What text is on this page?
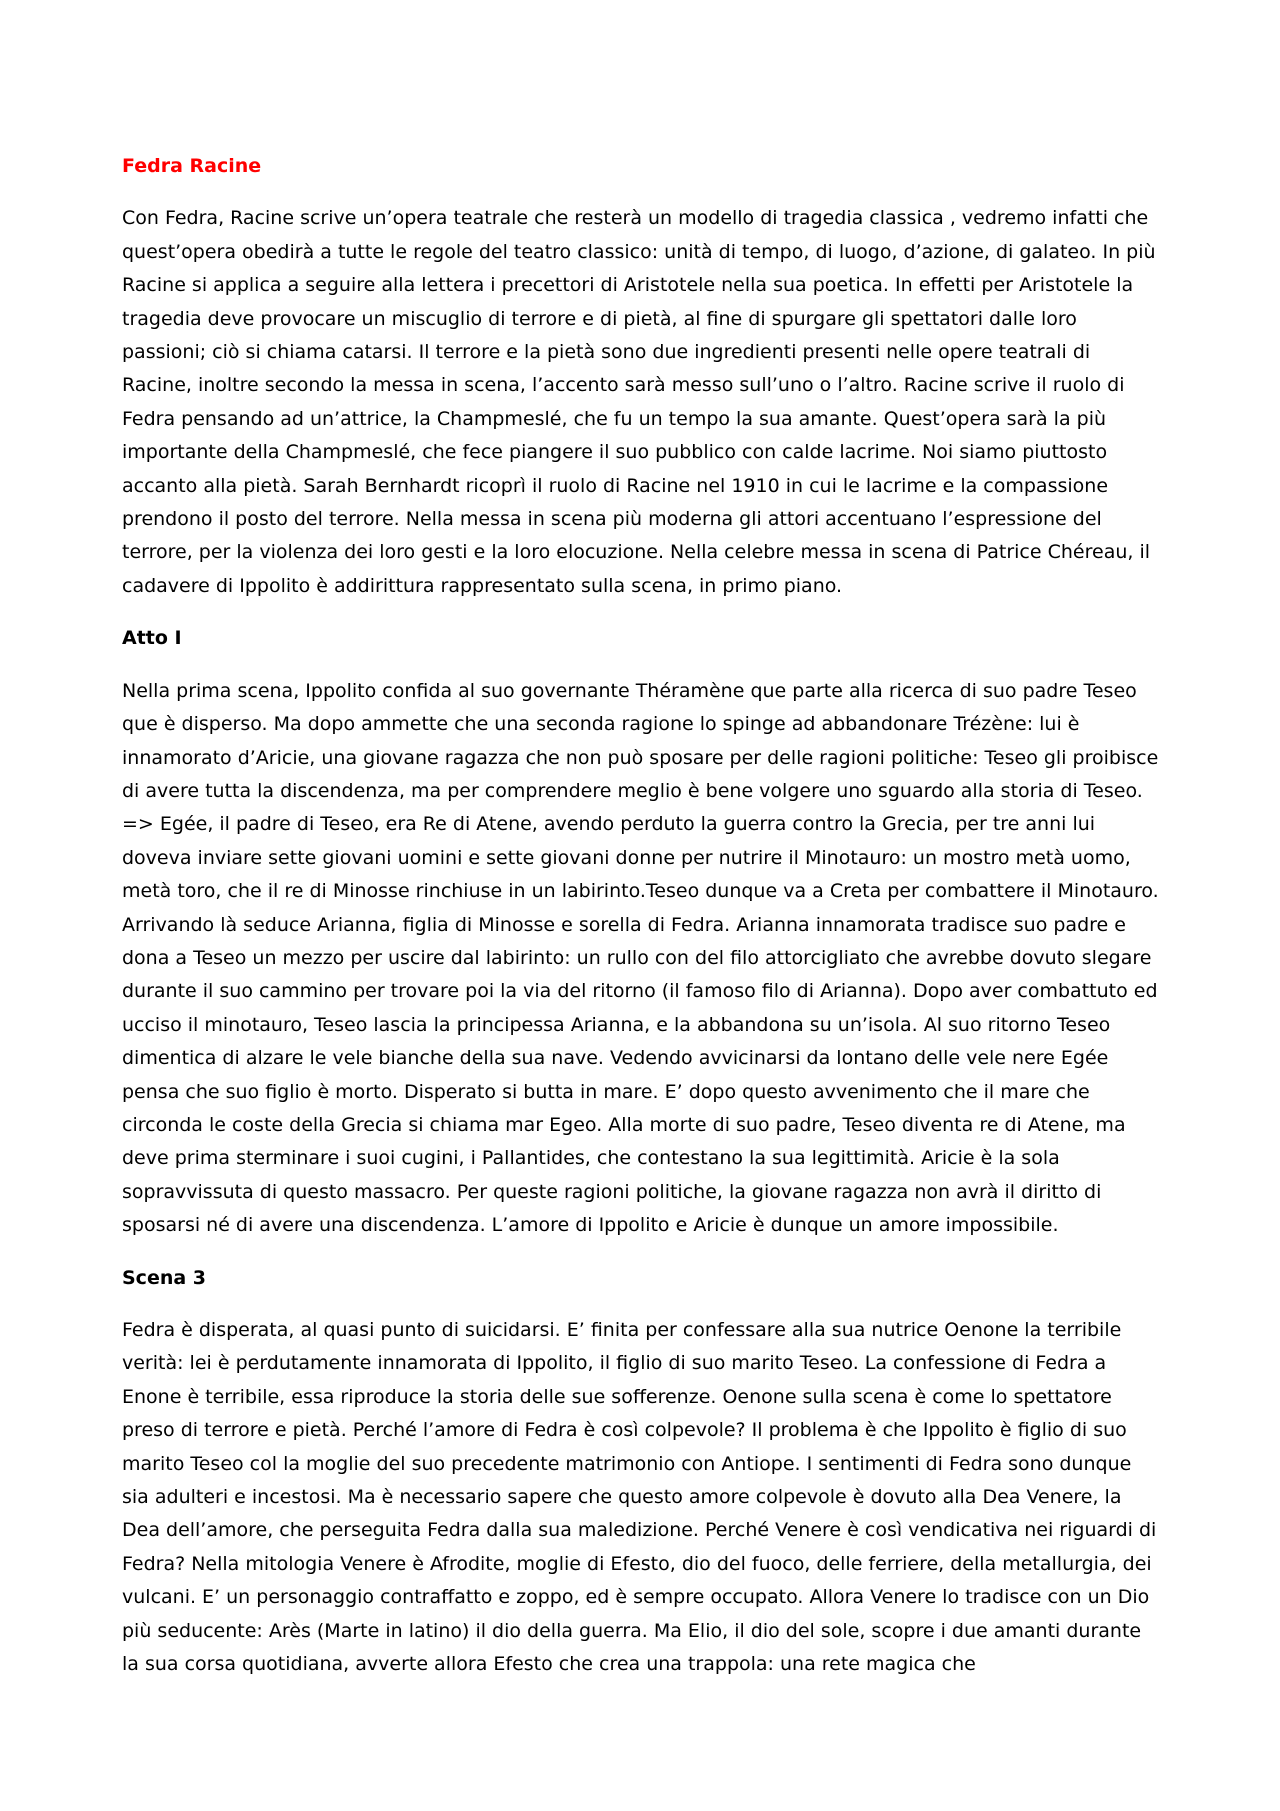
Fedra Racine

Con Fedra, Racine scrive un’opera teatrale che resterà un modello di tragedia classica , vedremo infatti che quest’opera obedirà a tutte le regole del teatro classico: unità di tempo, di luogo, d’azione, di galateo. In più Racine si applica a seguire alla lettera i precettori di Aristotele nella sua poetica. In effetti per Aristotele la tragedia deve provocare un miscuglio di terrore e di pietà, al fine di spurgare gli spettatori dalle loro passioni; ciò si chiama catarsi. Il terrore e la pietà sono due ingredienti presenti nelle opere teatrali di Racine, inoltre secondo la messa in scena, l’accento sarà messo sull’uno o l’altro. Racine scrive il ruolo di Fedra pensando ad un’attrice, la Champmeslé, che fu un tempo la sua amante. Quest’opera sarà la più importante della Champmeslé, che fece piangere il suo pubblico con calde lacrime. Noi siamo piuttosto accanto alla pietà. Sarah Bernhardt ricoprì il ruolo di Racine nel 1910 in cui le lacrime e la compassione prendono il posto del terrore. Nella messa in scena più moderna gli attori accentuano l’espressione del terrore, per la violenza dei loro gesti e la loro elocuzione. Nella celebre messa in scena di Patrice Chéreau, il cadavere di Ippolito è addirittura rappresentato sulla scena, in primo piano.

Atto I

Nella prima scena, Ippolito confida al suo governante Théramène que parte alla ricerca di suo padre Teseo que è disperso. Ma dopo ammette che una seconda ragione lo spinge ad abbandonare Trézène: lui è innamorato d’Aricie, una giovane ragazza che non può sposare per delle ragioni politiche: Teseo gli proibisce di avere tutta la discendenza, ma per comprendere meglio è bene volgere uno sguardo alla storia di Teseo. => Egée, il padre di Teseo, era Re di Atene, avendo perduto la guerra contro la Grecia, per tre anni lui doveva inviare sette giovani uomini e sette giovani donne per nutrire il Minotauro: un mostro metà uomo, metà toro, che il re di Minosse rinchiuse in un labirinto.Teseo dunque va a Creta per combattere il Minotauro. Arrivando là seduce Arianna, figlia di Minosse e sorella di Fedra. Arianna innamorata tradisce suo padre e dona a Teseo un mezzo per uscire dal labirinto: un rullo con del filo attorcigliato che avrebbe dovuto slegare durante il suo cammino per trovare poi la via del ritorno (il famoso filo di Arianna). Dopo aver combattuto ed ucciso il minotauro, Teseo lascia la principessa Arianna, e la abbandona su un’isola. Al suo ritorno Teseo dimentica di alzare le vele bianche della sua nave. Vedendo avvicinarsi da lontano delle vele nere Egée pensa che suo figlio è morto. Disperato si butta in mare. E’ dopo questo avvenimento che il mare che circonda le coste della Grecia si chiama mar Egeo. Alla morte di suo padre, Teseo diventa re di Atene, ma deve prima sterminare i suoi cugini, i Pallantides, che contestano la sua legittimità. Aricie è la sola sopravvissuta di questo massacro. Per queste ragioni politiche, la giovane ragazza non avrà il diritto di sposarsi né di avere una discendenza. L’amore di Ippolito e Aricie è dunque un amore impossibile.

Scena 3

Fedra è disperata, al quasi punto di suicidarsi. E’ finita per confessare alla sua nutrice Oenone la terribile verità: lei è perdutamente innamorata di Ippolito, il figlio di suo marito Teseo. La confessione di Fedra a Enone è terribile, essa riproduce la storia delle sue sofferenze. Oenone sulla scena è come lo spettatore preso di terrore e pietà. Perché l’amore di Fedra è così colpevole? Il problema è che Ippolito è figlio di suo marito Teseo col la moglie del suo precedente matrimonio con Antiope. I sentimenti di Fedra sono dunque sia adulteri e incestosi. Ma è necessario sapere che questo amore colpevole è dovuto alla Dea Venere, la Dea dell’amore, che perseguita Fedra dalla sua maledizione. Perché Venere è così vendicativa nei riguardi di Fedra? Nella mitologia Venere è Afrodite, moglie di Efesto, dio del fuoco, delle ferriere, della metallurgia, dei vulcani. E’ un personaggio contraffatto e zoppo, ed è sempre occupato. Allora Venere lo tradisce con un Dio più seducente: Arès (Marte in latino) il dio della guerra. Ma Elio, il dio del sole, scopre i due amanti durante la sua corsa quotidiana, avverte allora Efesto che crea una trappola: una rete magica che
